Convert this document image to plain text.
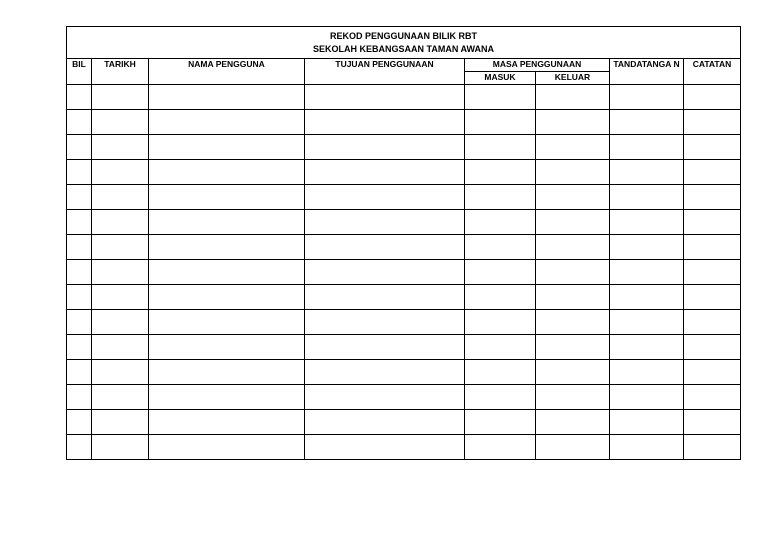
REKOD PENGGUNAAN BILIK RBT
SEKOLAH KEBANGSAAN TAMAN AWANA							

BIL	TARIKH	NAMA PENGGUNA	TUJUAN PENGGUNAAN	MASA PENGGUNAAN		TANDATANGA N	CATATAN
				MASUK	KELUAR		
